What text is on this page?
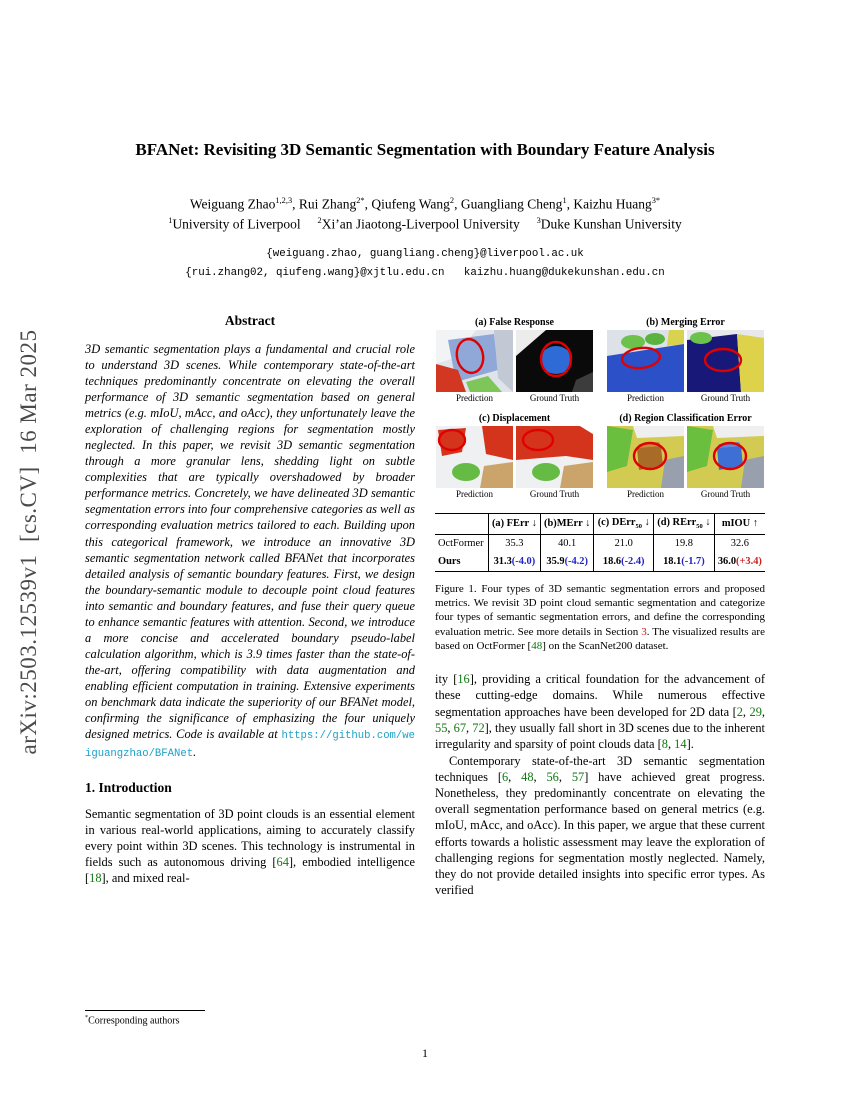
arXiv:2503.12539v1  [cs.CV]  16 Mar 2025
BFANet: Revisiting 3D Semantic Segmentation with Boundary Feature Analysis
Weiguang Zhao$^{1,2,3}$, Rui Zhang$^{2*}$, Qiufeng Wang$^2$, Guangliang Cheng$^1$, Kaizhu Huang$^{3*}$
$^1$University of Liverpool     $^2$Xi’an Jiaotong-Liverpool University     $^3$Duke Kunshan University
{weiguang.zhao, guangliang.cheng}@liverpool.ac.uk
{rui.zhang02, qiufeng.wang}@xjtlu.edu.cn   kaizhu.huang@dukekunshan.edu.cn
Abstract

3D semantic segmentation plays a fundamental and crucial role to understand 3D scenes. While contemporary state-of-the-art techniques predominantly concentrate on elevating the overall performance of 3D semantic segmentation based on general metrics (e.g. mIoU, mAcc, and oAcc), they unfortunately leave the exploration of challenging regions for segmentation mostly neglected. In this paper, we revisit 3D semantic segmentation through a more granular lens, shedding light on subtle complexities that are typically overshadowed by broader performance metrics. Concretely, we have delineated 3D semantic segmentation errors into four comprehensive categories as well as corresponding evaluation metrics tailored to each. Building upon this categorical framework, we introduce an innovative 3D semantic segmentation network called BFANet that incorporates detailed analysis of semantic boundary features. First, we design the boundary-semantic module to decouple point cloud features into semantic and boundary features, and fuse their query queue to enhance semantic features with attention. Second, we introduce a more concise and accelerated boundary pseudo-label calculation algorithm, which is 3.9 times faster than the state-of-the-art, offering compatibility with data augmentation and enabling efficient computation in training. Extensive experiments on benchmark data indicate the superiority of our BFANet model, confirming the significance of emphasizing the four uniquely designed metrics. Code is available at https://github.com/weiguangzhao/BFANet.

1. Introduction

Semantic segmentation of 3D point clouds is an essential element in various real-world applications, aiming to accurately classify every point within 3D scenes. This technology is instrumental in fields such as autonomous driving [64], embodied intelligence [18], and mixed real-

*Corresponding authors
(a) False Response
Prediction	Ground Truth
(b) Merging Error
Prediction	Ground Truth
(c) Displacement
Prediction	Ground Truth
(d) Region Classification Error
Prediction	Ground Truth
	(a) FErr ↓	(b)MErr ↓	(c) DErr$_{50}$ ↓	(d) RErr$_{50}$ ↓	mIOU ↑
OctFormer	35.3	40.1	21.0	19.8	32.6
Ours	31.3(-4.0)	35.9(-4.2)	18.6(-2.4)	18.1(-1.7)	36.0(+3.4)
Figure 1. Four types of 3D semantic segmentation errors and proposed metrics. We revisit 3D point cloud semantic segmentation and categorize four types of semantic segmentation errors, and define the corresponding evaluation metric. See more details in Section 3. The visualized results are based on OctFormer [48] on the ScanNet200 dataset.

ity [16], providing a critical foundation for the advancement of these cutting-edge domains. While numerous effective segmentation approaches have been developed for 2D data [2, 29, 55, 67, 72], they usually fall short in 3D scenes due to the inherent irregularity and sparsity of point clouds data [8, 14].

Contemporary state-of-the-art 3D semantic segmentation techniques [6, 48, 56, 57] have achieved great progress. Nonetheless, they predominantly concentrate on elevating the overall segmentation performance based on general metrics (e.g. mIoU, mAcc, and oAcc). In this paper, we argue that these current efforts towards a holistic assessment may leave the exploration of challenging regions for segmentation mostly neglected. Namely, they do not provide detailed insights into specific error types. As verified

1
